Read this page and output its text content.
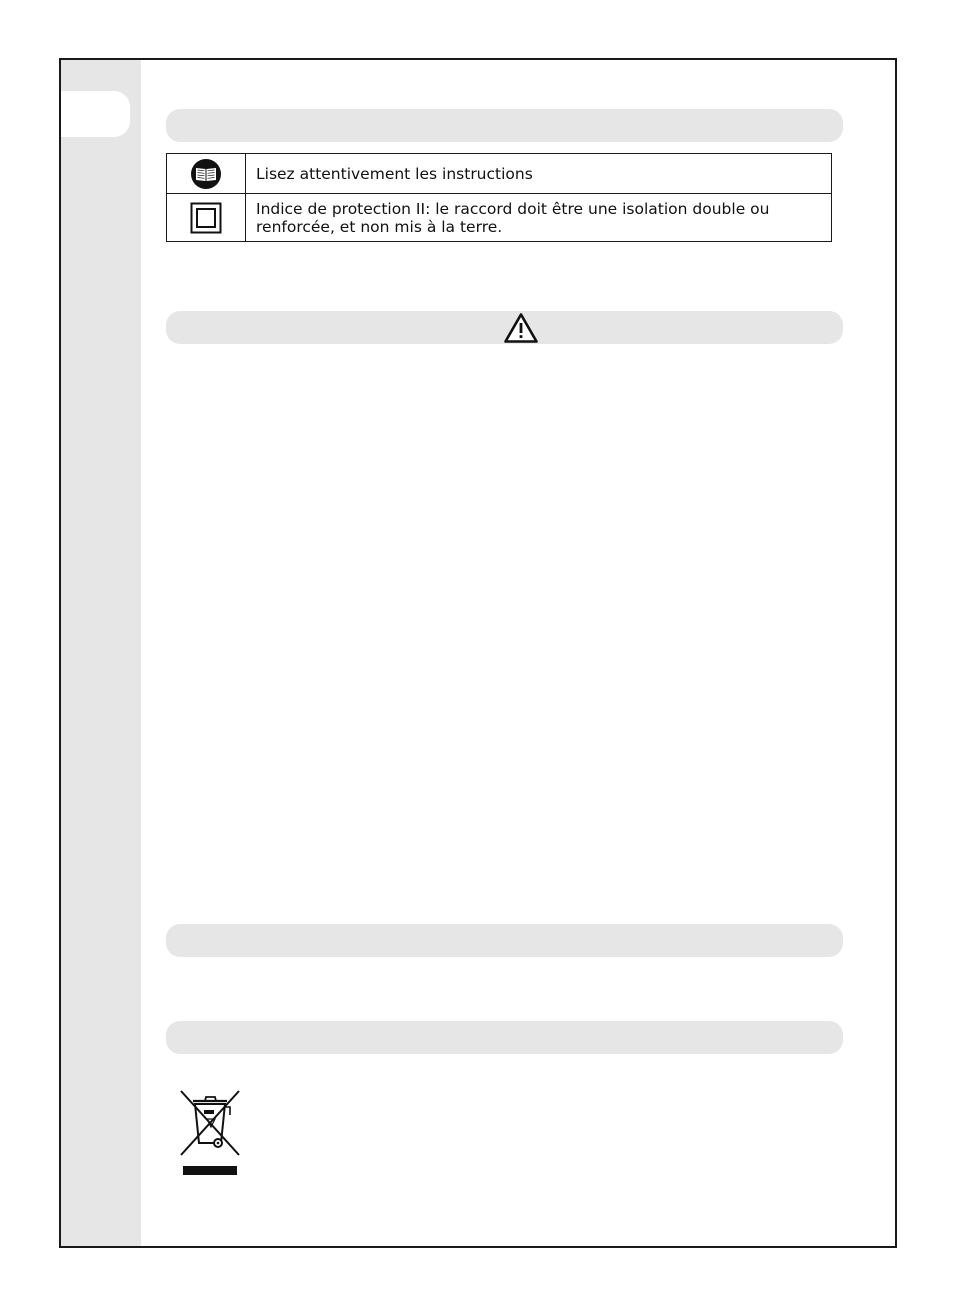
	Lisez attentivement les instructions

	Indice de protection II: le raccord doit être une isolation double ou renforcée, et non mis à la terre.
